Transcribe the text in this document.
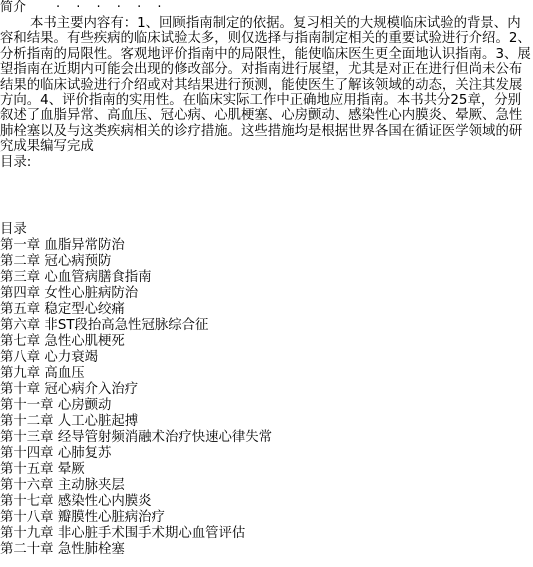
简介 · · · · · ·
本书主要内容有：1、回顾指南制定的依据。复习相关的大规模临床试验的背景、内容和结果。有些疾病的临床试验太多，则仅选择与指南制定相关的重要试验进行介绍。2、分析指南的局限性。客观地评价指南中的局限性，能使临床医生更全面地认识指南。3、展望指南在近期内可能会出现的修改部分。对指南进行展望，尤其是对正在进行但尚未公布结果的临床试验进行介绍或对其结果进行预测，能使医生了解该领域的动态，关注其发展方向。4、评价指南的实用性。在临床实际工作中正确地应用指南。本书共分25章，分别叙述了血脂异常、高血压、冠心病、心肌梗塞、心房颤动、感染性心内膜炎、晕厥、急性肺栓塞以及与这类疾病相关的诊疗措施。这些措施均是根据世界各国在循证医学领域的研究成果编写完成
目录:
目录
第一章 血脂异常防治
第二章 冠心病预防
第三章 心血管病膳食指南
第四章 女性心脏病防治
第五章 稳定型心绞痛
第六章 非ST段抬高急性冠脉综合征
第七章 急性心肌梗死
第八章 心力衰竭
第九章 高血压
第十章 冠心病介入治疗
第十一章 心房颤动
第十二章 人工心脏起搏
第十三章 经导管射频消融术治疗快速心律失常
第十四章 心肺复苏
第十五章 晕厥
第十六章 主动脉夹层
第十七章 感染性心内膜炎
第十八章 瓣膜性心脏病治疗
第十九章 非心脏手术围手术期心血管评估
第二十章 急性肺栓塞
